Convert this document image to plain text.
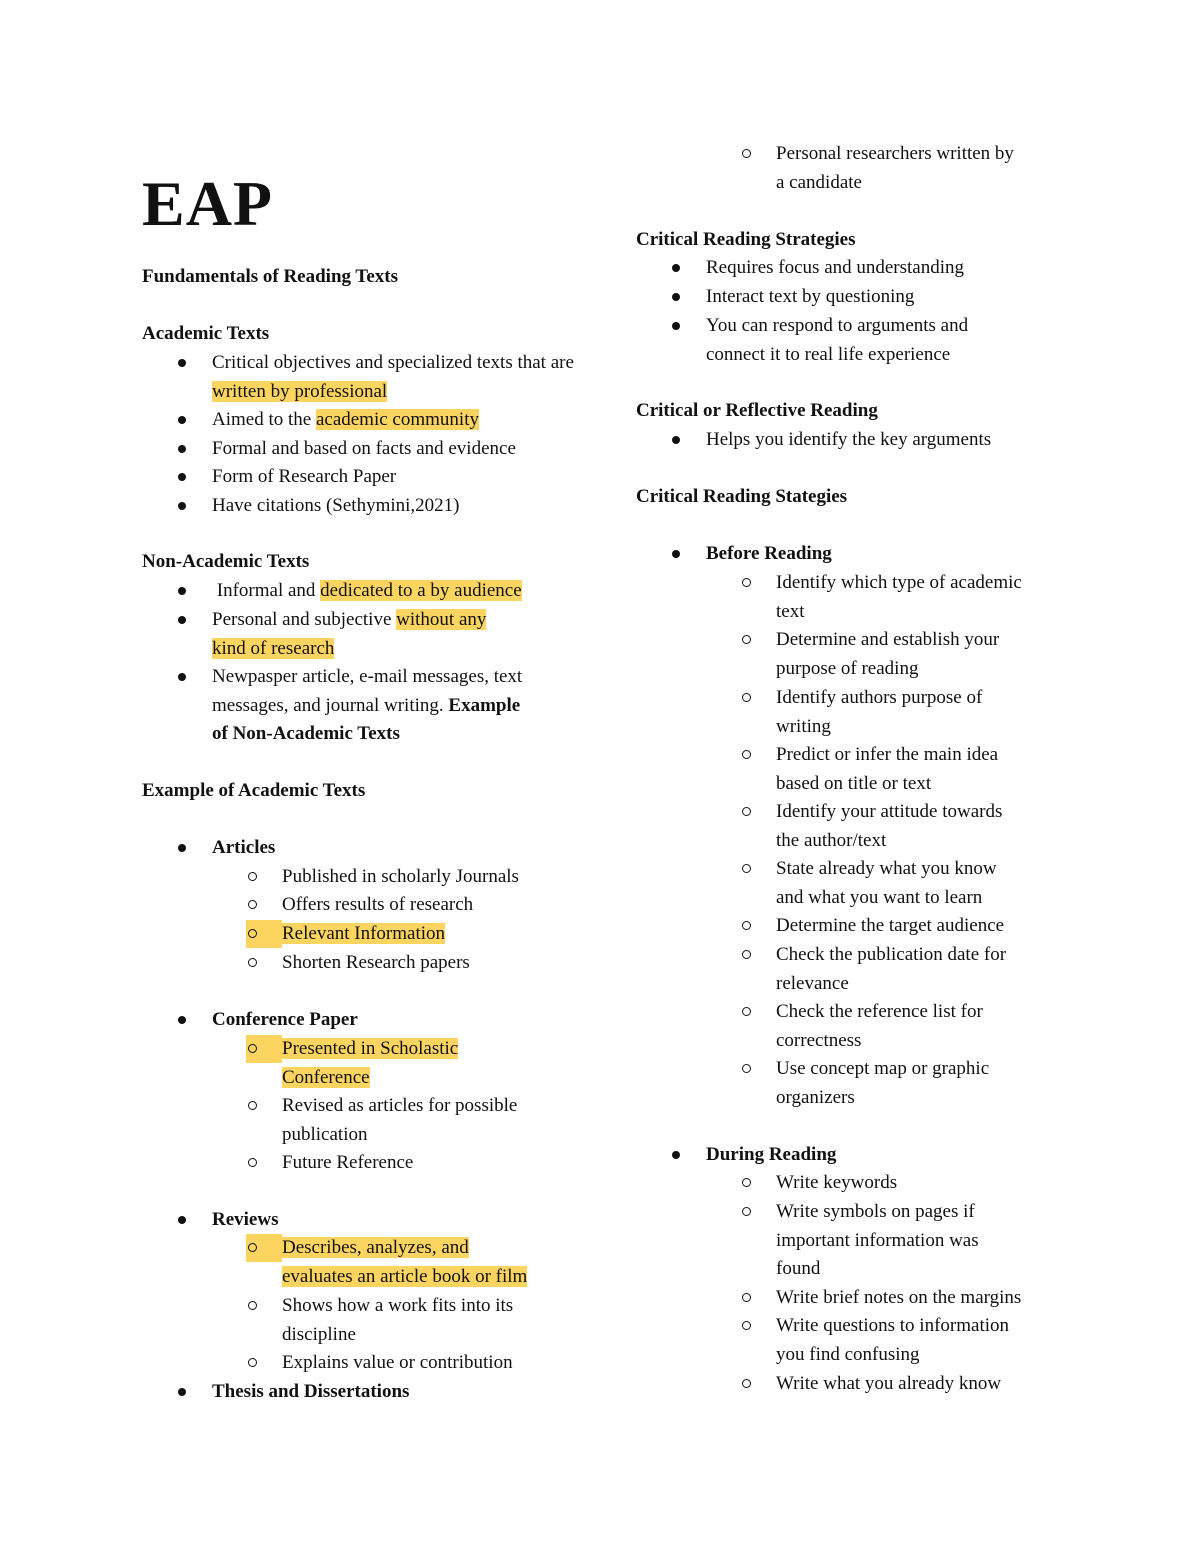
EAP
Fundamentals of Reading Texts
Academic Texts
Critical objectives and specialized texts that are written by professional
Aimed to the academic community
Formal and based on facts and evidence
Form of Research Paper
Have citations (Sethymini,2021)
Non-Academic Texts
Informal and dedicated to a by audience
Personal and subjective without any
kind of research
Newpasper article, e-mail messages, text
messages, and journal writing. Example
of Non-Academic Texts
Example of Academic Texts
Articles
Published in scholarly Journals
Offers results of research
Relevant Information
Shorten Research papers
Conference Paper
Presented in Scholastic
Conference
Revised as articles for possible
publication
Future Reference
Reviews
Describes, analyzes, and
evaluates an article book or film
Shows how a work fits into its
discipline
Explains value or contribution
Thesis and Dissertations
Personal researchers written by
a candidate
Critical Reading Strategies
Requires focus and understanding
Interact text by questioning
You can respond to arguments and
connect it to real life experience
Critical or Reflective Reading
Helps you identify the key arguments
Critical Reading Stategies
Before Reading
Identify which type of academic
text
Determine and establish your
purpose of reading
Identify authors purpose of
writing
Predict or infer the main idea
based on title or text
Identify your attitude towards
the author/text
State already what you know
and what you want to learn
Determine the target audience
Check the publication date for
relevance
Check the reference list for
correctness
Use concept map or graphic
organizers
During Reading
Write keywords
Write symbols on pages if
important information was
found
Write brief notes on the margins
Write questions to information
you find confusing
Write what you already know
